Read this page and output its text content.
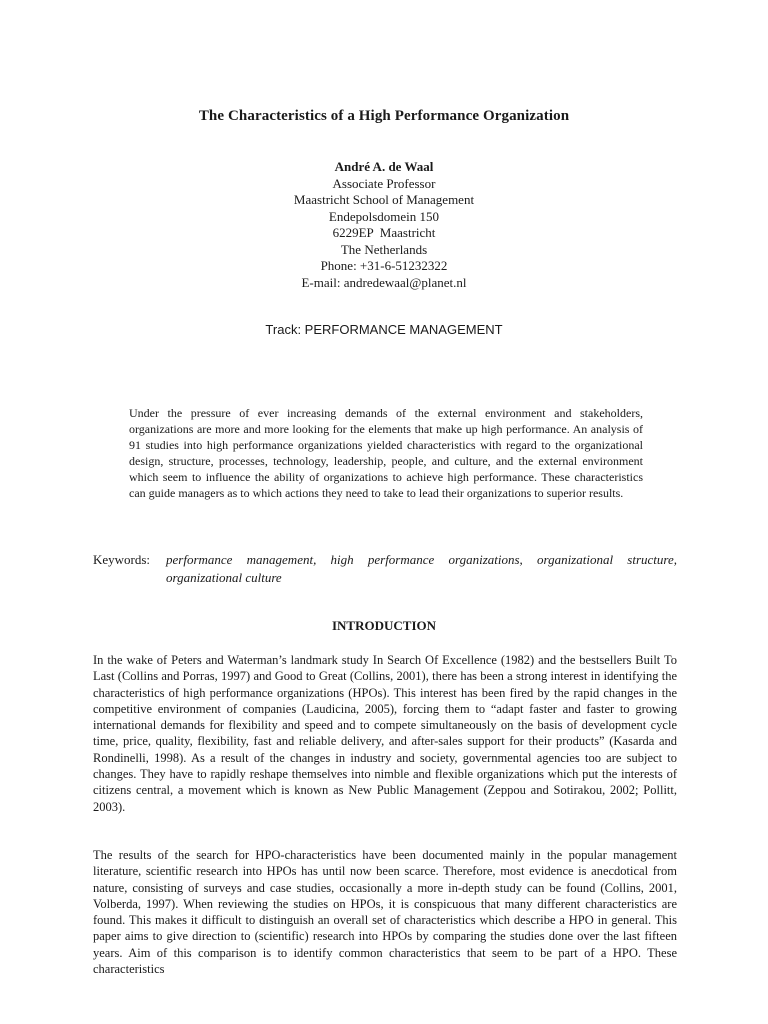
The Characteristics of a High Performance Organization
André A. de Waal
Associate Professor
Maastricht School of Management
Endepolsdomein 150
6229EP  Maastricht
The Netherlands
Phone: +31-6-51232322
E-mail: andredewaal@planet.nl
Track: PERFORMANCE MANAGEMENT

Under the pressure of ever increasing demands of the external environment and stakeholders, organizations are more and more looking for the elements that make up high performance. An analysis of 91 studies into high performance organizations yielded characteristics with regard to the organizational design, structure, processes, technology, leadership, people, and culture, and the external environment which seem to influence the ability of organizations to achieve high performance. These characteristics can guide managers as to which actions they need to take to lead their organizations to superior results.

Keywords: performance management, high performance organizations, organizational structure, organizational culture
INTRODUCTION

In the wake of Peters and Waterman’s landmark study In Search Of Excellence (1982) and the bestsellers Built To Last (Collins and Porras, 1997) and Good to Great (Collins, 2001), there has been a strong interest in identifying the characteristics of high performance organizations (HPOs). This interest has been fired by the rapid changes in the competitive environment of companies (Laudicina, 2005), forcing them to “adapt faster and faster to growing international demands for flexibility and speed and to compete simultaneously on the basis of development cycle time, price, quality, flexibility, fast and reliable delivery, and after-sales support for their products” (Kasarda and Rondinelli, 1998). As a result of the changes in industry and society, governmental agencies too are subject to changes. They have to rapidly reshape themselves into nimble and flexible organizations which put the interests of citizens central, a movement which is known as New Public Management (Zeppou and Sotirakou, 2002; Pollitt, 2003).

The results of the search for HPO-characteristics have been documented mainly in the popular management literature, scientific research into HPOs has until now been scarce. Therefore, most evidence is anecdotical from nature, consisting of surveys and case studies, occasionally a more in-depth study can be found (Collins, 2001, Volberda, 1997). When reviewing the studies on HPOs, it is conspicuous that many different characteristics are found. This makes it difficult to distinguish an overall set of characteristics which describe a HPO in general. This paper aims to give direction to (scientific) research into HPOs by comparing the studies done over the last fifteen years. Aim of this comparison is to identify common characteristics that seem to be part of a HPO. These characteristics
